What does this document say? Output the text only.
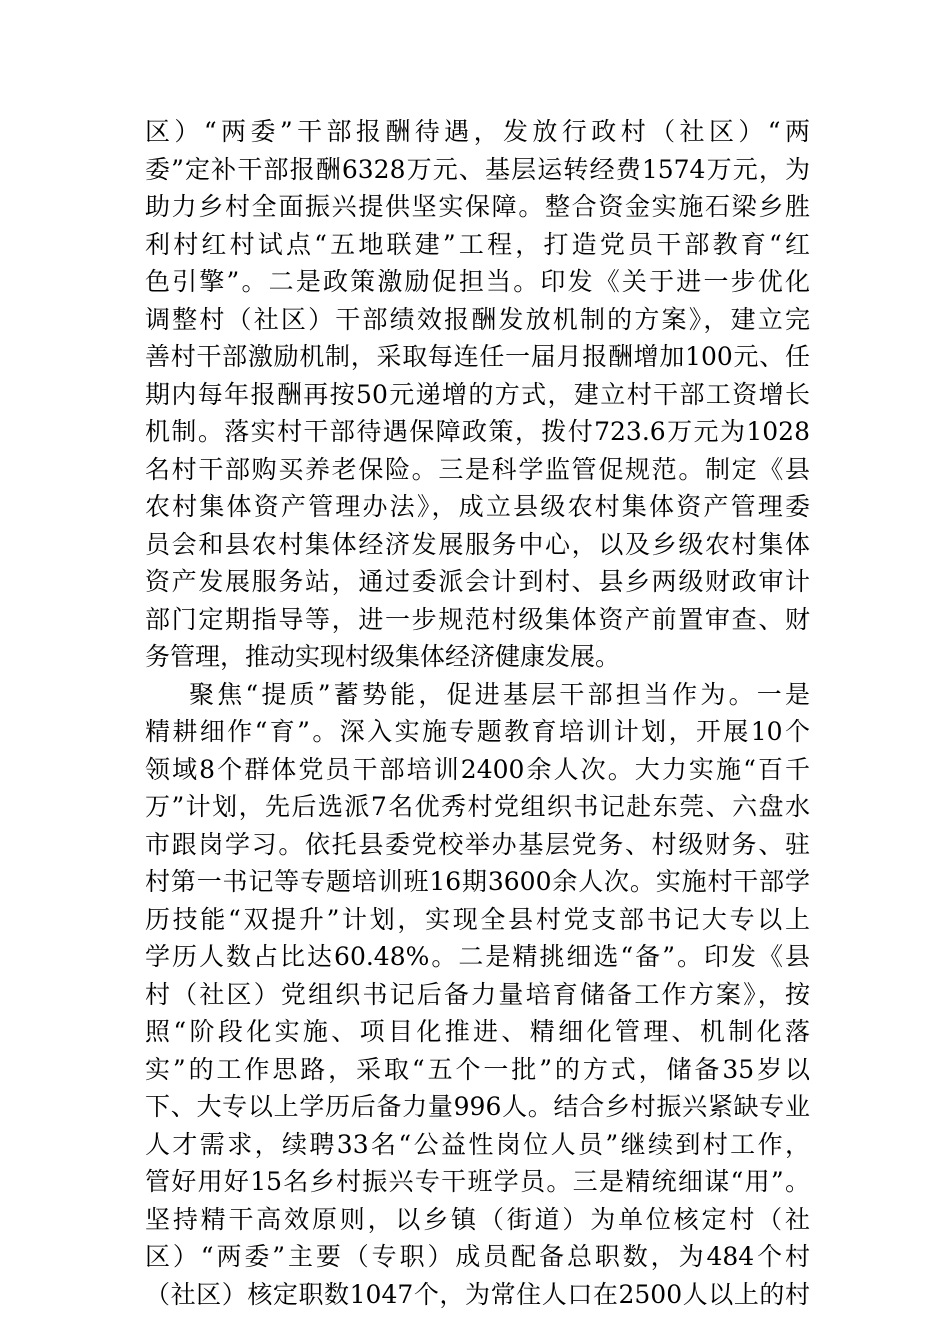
区）“两委”干部报酬待遇，发放行政村（社区）“两
委”定补干部报酬6328万元、基层运转经费1574万元，为
助力乡村全面振兴提供坚实保障。整合资金实施石梁乡胜
利村红村试点“五地联建”工程，打造党员干部教育“红
色引擎”。二是政策激励促担当。印发《关于进一步优化
调整村（社区）干部绩效报酬发放机制的方案》，建立完
善村干部激励机制，采取每连任一届月报酬增加100元、任
期内每年报酬再按50元递增的方式，建立村干部工资增长
机制。落实村干部待遇保障政策，拨付723.6万元为1028
名村干部购买养老保险。三是科学监管促规范。制定《县
农村集体资产管理办法》，成立县级农村集体资产管理委
员会和县农村集体经济发展服务中心，以及乡级农村集体
资产发展服务站，通过委派会计到村、县乡两级财政审计
部门定期指导等，进一步规范村级集体资产前置审查、财
务管理，推动实现村级集体经济健康发展。
聚焦“提质”蓄势能，促进基层干部担当作为。一是
精耕细作“育”。深入实施专题教育培训计划，开展10个
领域8个群体党员干部培训2400余人次。大力实施“百千
万”计划，先后选派7名优秀村党组织书记赴东莞、六盘水
市跟岗学习。依托县委党校举办基层党务、村级财务、驻
村第一书记等专题培训班16期3600余人次。实施村干部学
历技能“双提升”计划，实现全县村党支部书记大专以上
学历人数占比达60.48%。二是精挑细选“备”。印发《县
村（社区）党组织书记后备力量培育储备工作方案》，按
照“阶段化实施、项目化推进、精细化管理、机制化落
实”的工作思路，采取“五个一批”的方式，储备35岁以
下、大专以上学历后备力量996人。结合乡村振兴紧缺专业
人才需求，续聘33名“公益性岗位人员”继续到村工作，
管好用好15名乡村振兴专干班学员。三是精统细谋“用”。
坚持精干高效原则，以乡镇（街道）为单位核定村（社
区）“两委”主要（专职）成员配备总职数，为484个村
（社区）核定职数1047个，为常住人口在2500人以上的村
